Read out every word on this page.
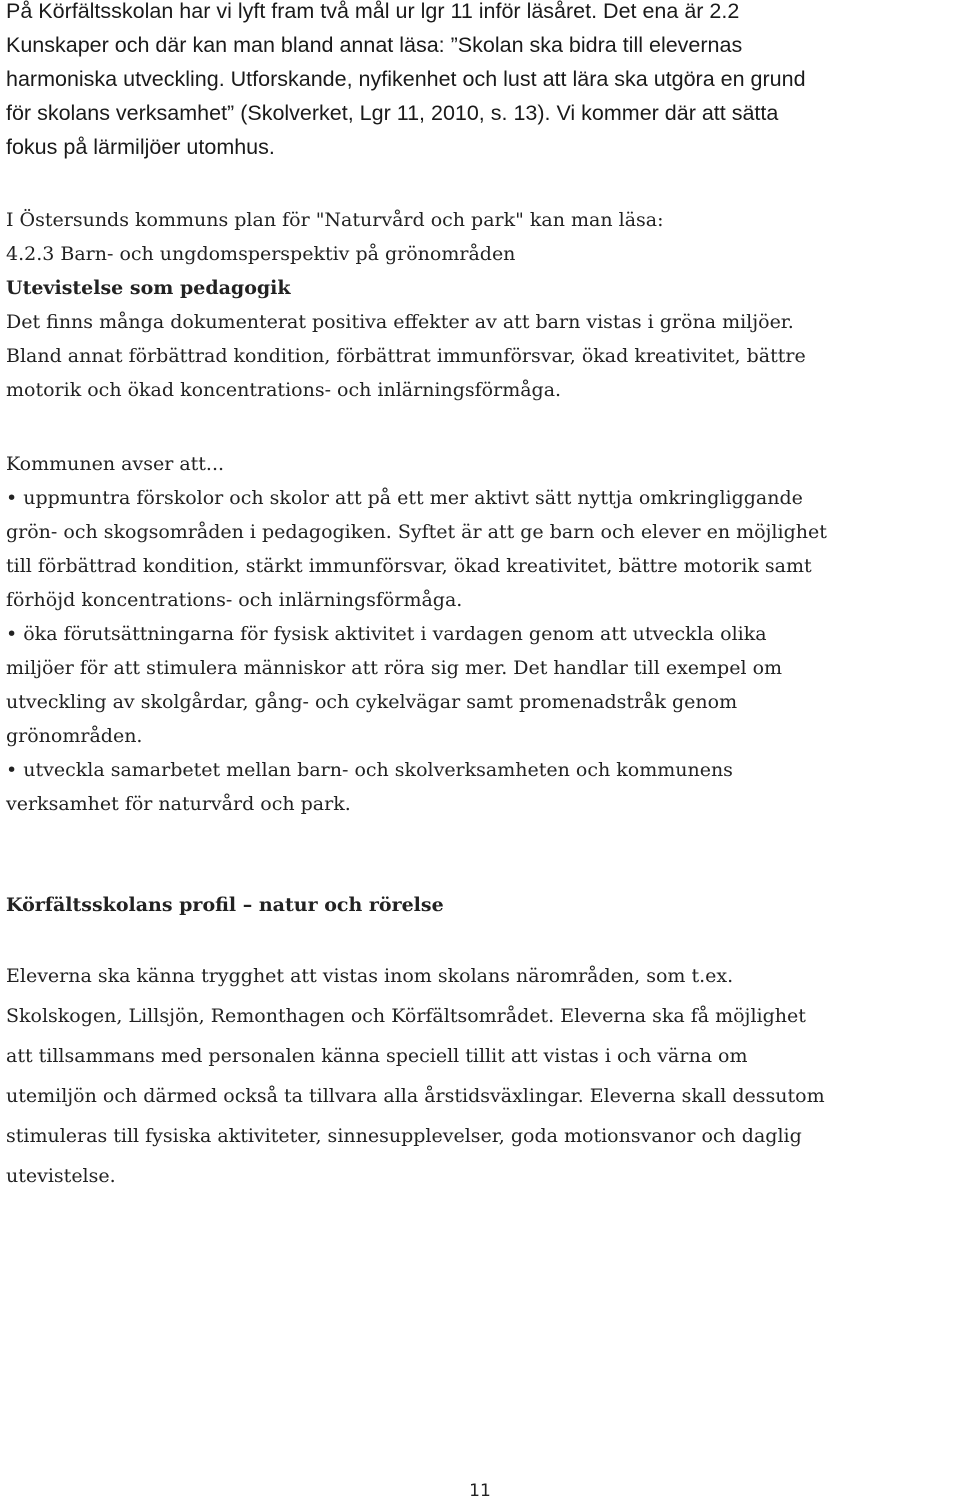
På Körfältsskolan har vi lyft fram två mål ur lgr 11 inför läsåret. Det ena är 2.2
Kunskaper och där kan man bland annat läsa: ”Skolan ska bidra till elevernas
harmoniska utveckling. Utforskande, nyfikenhet och lust att lära ska utgöra en grund
för skolans verksamhet” (Skolverket, Lgr 11, 2010, s. 13). Vi kommer där att sätta
fokus på lärmiljöer utomhus.
I Östersunds kommuns plan för "Naturvård och park" kan man läsa:
4.2.3 Barn- och ungdomsperspektiv på grönområden
Utevistelse som pedagogik
Det finns många dokumenterat positiva effekter av att barn vistas i gröna miljöer.
Bland annat förbättrad kondition, förbättrat immunförsvar, ökad kreativitet, bättre
motorik och ökad koncentrations- och inlärningsförmåga.
Kommunen avser att...
• uppmuntra förskolor och skolor att på ett mer aktivt sätt nyttja omkringliggande
grön- och skogsområden i pedagogiken. Syftet är att ge barn och elever en möjlighet
till förbättrad kondition, stärkt immunförsvar, ökad kreativitet, bättre motorik samt
förhöjd koncentrations- och inlärningsförmåga.
• öka förutsättningarna för fysisk aktivitet i vardagen genom att utveckla olika
miljöer för att stimulera människor att röra sig mer. Det handlar till exempel om
utveckling av skolgårdar, gång- och cykelvägar samt promenadstråk genom
grönområden.
• utveckla samarbetet mellan barn- och skolverksamheten och kommunens
verksamhet för naturvård och park.
Körfältsskolans profil – natur och rörelse
Eleverna ska känna trygghet att vistas inom skolans närområden, som t.ex.
Skolskogen, Lillsjön, Remonthagen och Körfältsområdet. Eleverna ska få möjlighet
att tillsammans med personalen känna speciell tillit att vistas i och värna om
utemiljön och därmed också ta tillvara alla årstidsväxlingar. Eleverna skall dessutom
stimuleras till fysiska aktiviteter, sinnesupplevelser, goda motionsvanor och daglig
utevistelse.
11
